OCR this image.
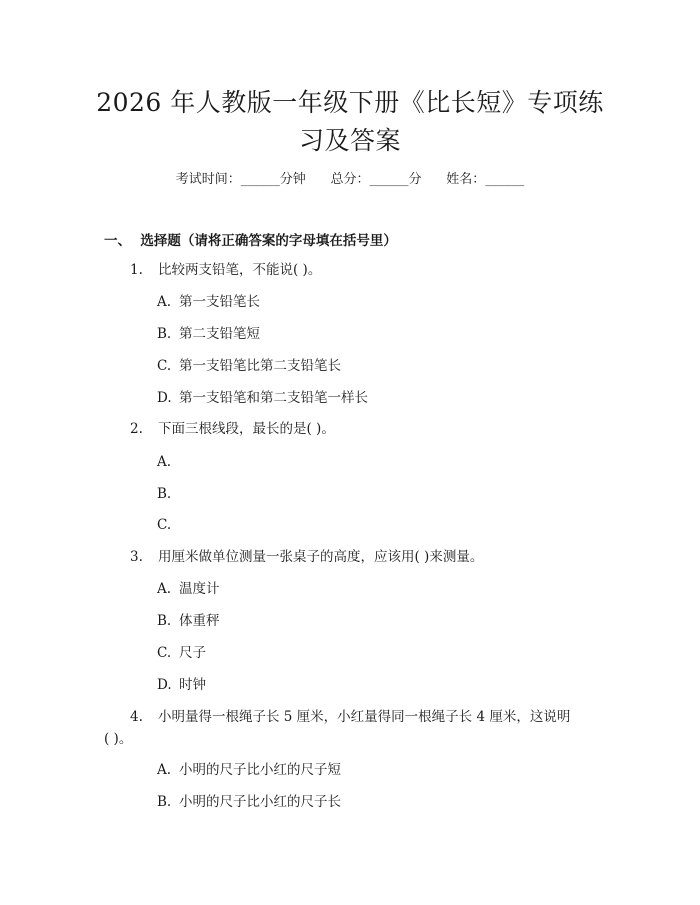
2026 年人教版一年级下册《比长短》专项练
习及答案
考试时间：______分钟      总分：______分      姓名：______
一、  选择题（请将正确答案的字母填在括号里）
1. 比较两支铅笔，不能说( )。
A. 第一支铅笔长
B. 第二支铅笔短
C. 第一支铅笔比第二支铅笔长
D. 第一支铅笔和第二支铅笔一样长
2. 下面三根线段，最长的是( )。
A.
B.
C.
3. 用厘米做单位测量一张桌子的高度，应该用( )来测量。
A. 温度计
B. 体重秤
C. 尺子
D. 时钟
4. 小明量得一根绳子长 5 厘米，小红量得同一根绳子长 4 厘米，这说明
( )。
A. 小明的尺子比小红的尺子短
B. 小明的尺子比小红的尺子长
